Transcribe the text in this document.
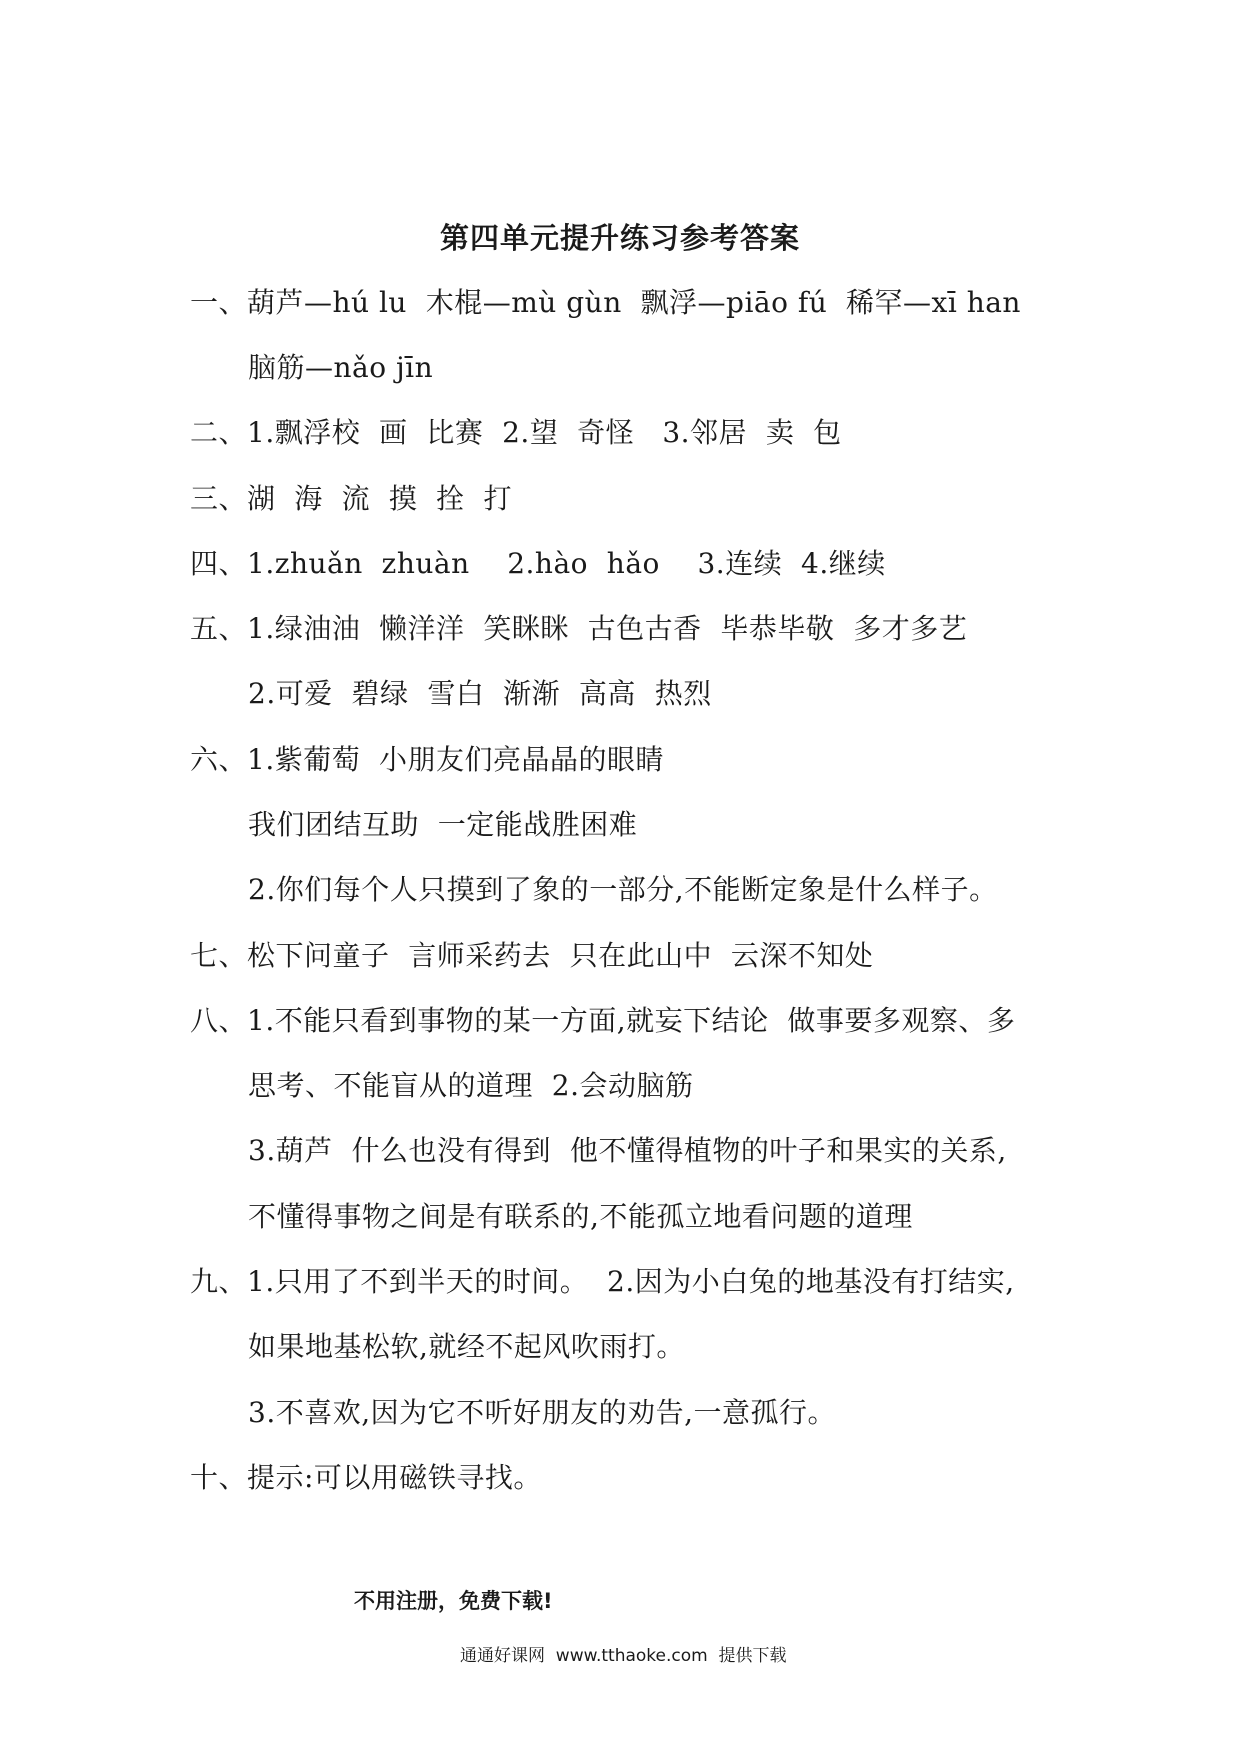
第四单元提升练习参考答案
一、葫芦—hú lu  木棍—mù gùn  飘浮—piāo fú  稀罕—xī han
脑筋—nǎo jīn
二、1.飘浮校  画  比赛  2.望  奇怪   3.邻居  卖  包
三、湖  海  流  摸  拴  打
四、1.zhuǎn  zhuàn    2.hào  hǎo    3.连续  4.继续
五、1.绿油油  懒洋洋  笑眯眯  古色古香  毕恭毕敬  多才多艺
2.可爱  碧绿  雪白  渐渐  高高  热烈
六、1.紫葡萄  小朋友们亮晶晶的眼睛
我们团结互助  一定能战胜困难
2.你们每个人只摸到了象的一部分,不能断定象是什么样子。
七、松下问童子  言师采药去  只在此山中  云深不知处
八、1.不能只看到事物的某一方面,就妄下结论  做事要多观察、多
思考、不能盲从的道理  2.会动脑筋
3.葫芦  什么也没有得到  他不懂得植物的叶子和果实的关系,
不懂得事物之间是有联系的,不能孤立地看问题的道理
九、1.只用了不到半天的时间。  2.因为小白兔的地基没有打结实,
如果地基松软,就经不起风吹雨打。
3.不喜欢,因为它不听好朋友的劝告,一意孤行。
十、提示:可以用磁铁寻找。
不用注册，免费下载!
通通好课网  www.tthaoke.com  提供下载
